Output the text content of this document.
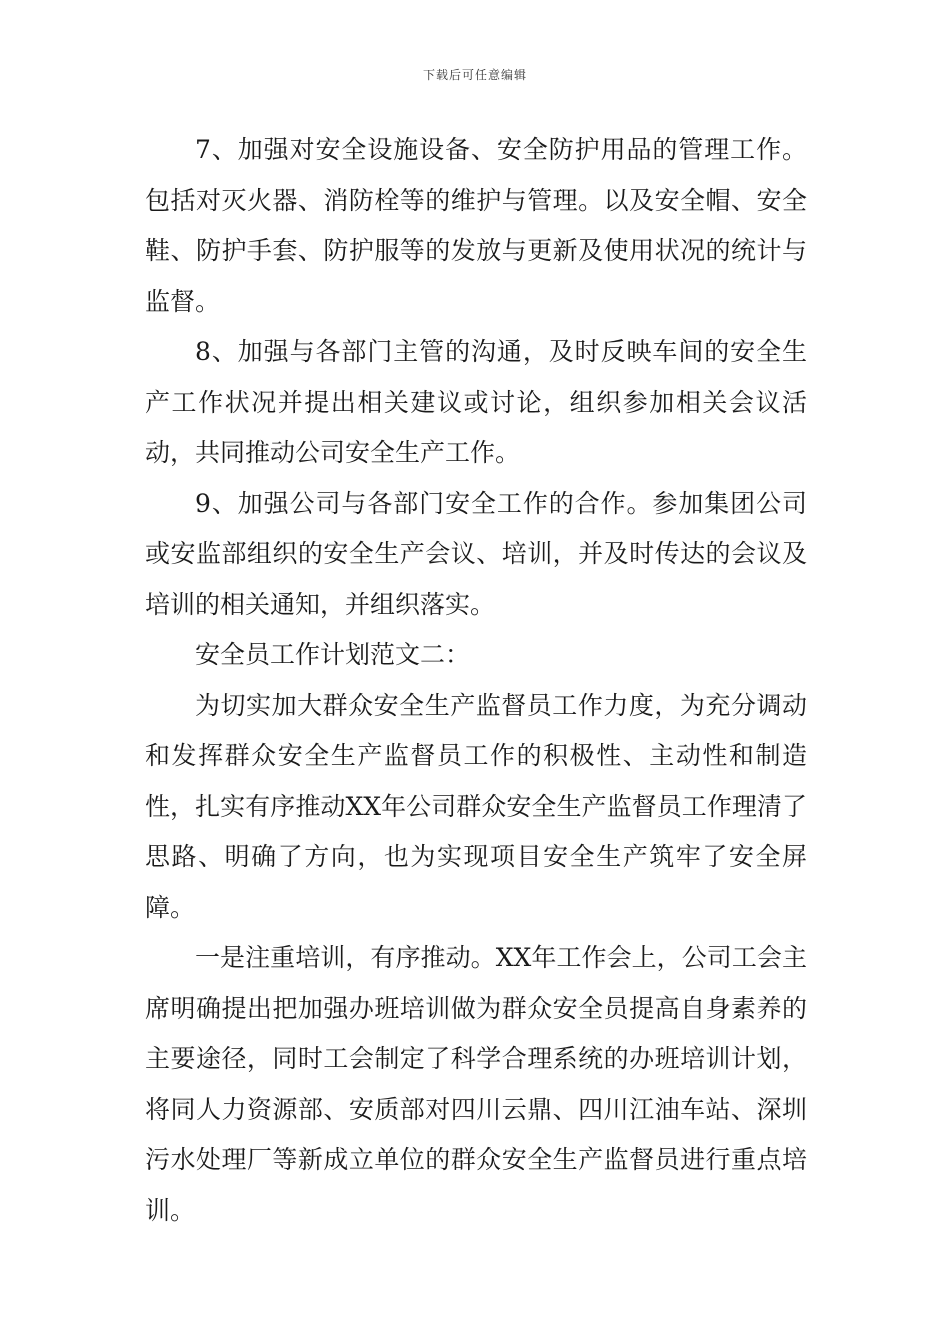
下载后可任意编辑

7、加强对安全设施设备、安全防护用品的管理工作。包括对灭火器、消防栓等的维护与管理。以及安全帽、安全鞋、防护手套、防护服等的发放与更新及使用状况的统计与监督。

8、加强与各部门主管的沟通，及时反映车间的安全生产工作状况并提出相关建议或讨论，组织参加相关会议活动，共同推动公司安全生产工作。

9、加强公司与各部门安全工作的合作。参加集团公司或安监部组织的安全生产会议、培训，并及时传达的会议及培训的相关通知，并组织落实。

安全员工作计划范文二：

为切实加大群众安全生产监督员工作力度，为充分调动和发挥群众安全生产监督员工作的积极性、主动性和制造性，扎实有序推动XX年公司群众安全生产监督员工作理清了思路、明确了方向，也为实现项目安全生产筑牢了安全屏障。

一是注重培训，有序推动。XX年工作会上，公司工会主席明确提出把加强办班培训做为群众安全员提高自身素养的主要途径，同时工会制定了科学合理系统的办班培训计划，将同人力资源部、安质部对四川云鼎、四川江油车站、深圳污水处理厂等新成立单位的群众安全生产监督员进行重点培训。
